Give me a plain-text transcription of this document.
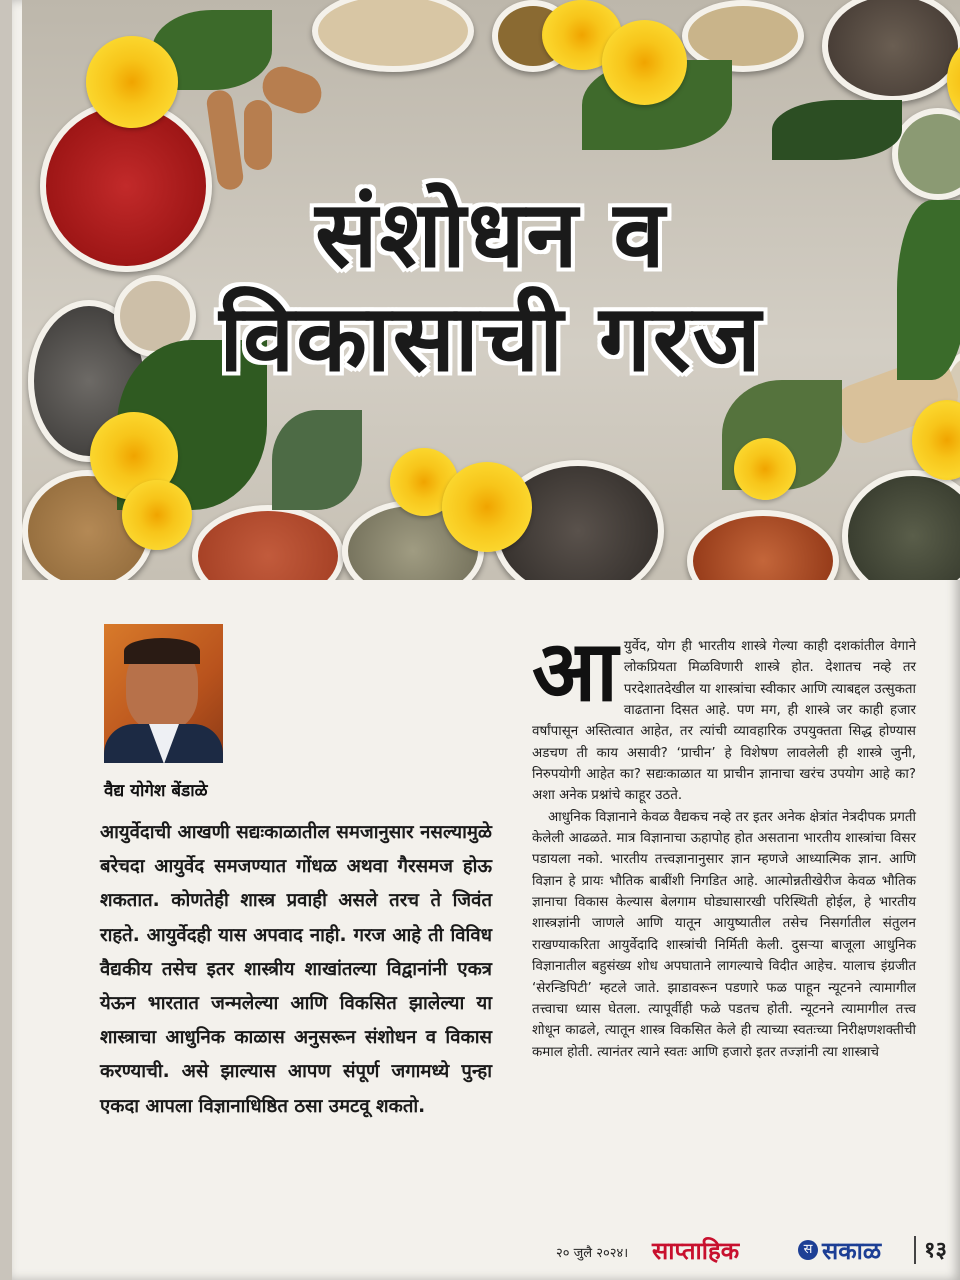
संशोधन व
विकासाची गरज
वैद्य योगेश बेंडाळे
आयुर्वेदाची आखणी सद्यःकाळातील समजानुसार नसल्यामुळे बरेचदा आयुर्वेद समजण्यात गोंधळ अथवा गैरसमज होऊ शकतात. कोणतेही शास्त्र प्रवाही असले तरच ते जिवंत राहते. आयुर्वेदही यास अपवाद नाही. गरज आहे ती विविध वैद्यकीय तसेच इतर शास्त्रीय शाखांतल्या विद्वानांनी एकत्र येऊन भारतात जन्मलेल्या आणि विकसित झालेल्या या शास्त्राचा आधुनिक काळास अनुसरून संशोधन व विकास करण्याची. असे झाल्यास आपण संपूर्ण जगामध्ये पुन्हा एकदा आपला विज्ञानाधिष्ठित ठसा उमटवू शकतो.

आयुर्वेद, योग ही भारतीय शास्त्रे गेल्या काही दशकांतील वेगाने लोकप्रियता मिळविणारी शास्त्रे होत. देशातच नव्हे तर परदेशातदेखील या शास्त्रांचा स्वीकार आणि त्याबद्दल उत्सुकता वाढताना दिसत आहे. पण मग, ही शास्त्रे जर काही हजार वर्षांपासून अस्तित्वात आहेत, तर त्यांची व्यावहारिक उपयुक्तता सिद्ध होण्यास अडचण ती काय असावी? ‘प्राचीन’ हे विशेषण लावलेली ही शास्त्रे जुनी, निरुपयोगी आहेत का? सद्यःकाळात या प्राचीन ज्ञानाचा खरंच उपयोग आहे का? अशा अनेक प्रश्नांचे काहूर उठते.

आधुनिक विज्ञानाने केवळ वैद्यकच नव्हे तर इतर अनेक क्षेत्रांत नेत्रदीपक प्रगती केलेली आढळते. मात्र विज्ञानाचा ऊहापोह होत असताना भारतीय शास्त्रांचा विसर पडायला नको. भारतीय तत्त्वज्ञानानुसार ज्ञान म्हणजे आध्यात्मिक ज्ञान. आणि विज्ञान हे प्रायः भौतिक बाबींशी निगडित आहे. आत्मोन्नतीखेरीज केवळ भौतिक ज्ञानाचा विकास केल्यास बेलगाम घोड्यासारखी परिस्थिती होईल, हे भारतीय शास्त्रज्ञांनी जाणले आणि यातून आयुष्यातील तसेच निसर्गातील संतुलन राखण्याकरिता आयुर्वेदादि शास्त्रांची निर्मिती केली. दुसऱ्या बाजूला आधुनिक विज्ञानातील बहुसंख्य शोध अपघाताने लागल्याचे विदीत आहेच. यालाच इंग्रजीत ‘सेरन्डिपिटी’ म्हटले जाते. झाडावरून पडणारे फळ पाहून न्यूटनने त्यामागील तत्त्वाचा ध्यास घेतला. त्यापूर्वीही फळे पडतच होती. न्यूटनने त्यामागील तत्त्व शोधून काढले, त्यातून शास्त्र विकसित केले ही त्याच्या स्वतःच्या निरीक्षणशक्तीची कमाल होती. त्यानंतर त्याने स्वतः आणि हजारो इतर तज्ज्ञांनी त्या शास्त्राचे

२० जुलै २०२४। साप्ताहिक	स सकाळ १३
